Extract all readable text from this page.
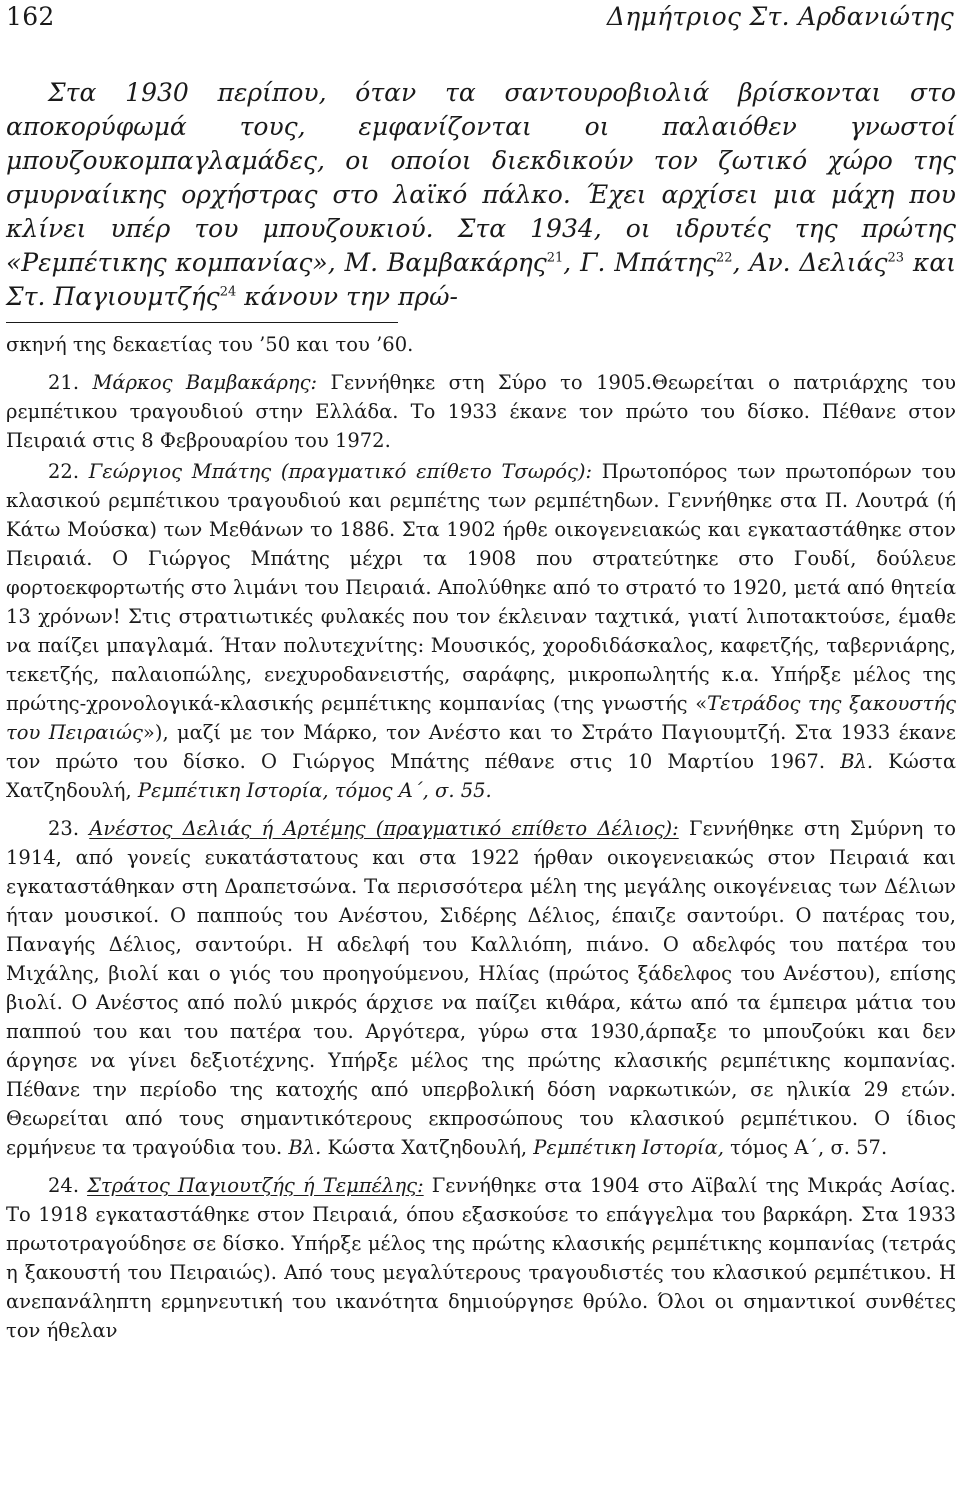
162	Δημήτριος Στ. Αρδανιώτης

Στα 1930 περίπου, όταν τα σαντουροβιολιά βρίσκονται στο αποκορύφωμά τους, εμφανίζονται οι παλαιόθεν γνωστοί μπουζουκομπαγλαμάδες, οι οποίοι διεκδικούν τον ζωτικό χώρο της σμυρναίικης ορχήστρας στο λαϊκό πάλκο. Έχει αρχίσει μια μάχη που κλίνει υπέρ του μπουζουκιού. Στα 1934, οι ιδρυτές της πρώτης «Ρεμπέτικης κομπανίας», Μ. Βαμβακάρης$^{21}$, Γ. Μπάτης$^{22}$, Αν. Δελιάς$^{23}$ και Στ. Παγιουμτζής$^{24}$ κάνουν την πρώ-

σκηνή της δεκαετίας του ’50 και του ’60.

21. Μάρκος Βαμβακάρης: Γεννήθηκε στη Σύρο το 1905.Θεωρείται ο πατριάρχης του ρεμπέτικου τραγουδιού στην Ελλάδα. Το 1933 έκανε τον πρώτο του δίσκο. Πέθανε στον Πειραιά στις 8 Φεβρουαρίου του 1972.

22. Γεώργιος Μπάτης (πραγματικό επίθετο Τσωρός): Πρωτοπόρος των πρωτοπόρων του κλασικού ρεμπέτικου τραγουδιού και ρεμπέτης των ρεμπέτηδων. Γεννήθηκε στα Π. Λουτρά (ή Κάτω Μούσκα) των Μεθάνων το 1886. Στα 1902 ήρθε οικογενειακώς και εγκαταστάθηκε στον Πειραιά. Ο Γιώργος Μπάτης μέχρι τα 1908 που στρατεύτηκε στο Γουδί, δούλευε φορτοεκφορτωτής στο λιμάνι του Πειραιά. Απολύθηκε από το στρατό το 1920, μετά από θητεία 13 χρόνων! Στις στρατιωτικές φυλακές που τον έκλειναν ταχτικά, γιατί λιποτακτούσε, έμαθε να παίζει μπαγλαμά. Ήταν πολυτεχνίτης: Μουσικός, χοροδιδάσκαλος, καφετζής, ταβερνιάρης, τεκετζής, παλαιοπώλης, ενεχυροδανειστής, σαράφης, μικροπωλητής κ.α. Υπήρξε μέλος της πρώτης-χρονολογικά-κλασικής ρεμπέτικης κομπανίας (της γνωστής «Τετράδος της ξακουστής του Πειραιώς»), μαζί με τον Μάρκο, τον Ανέστο και το Στράτο Παγιουμτζή. Στα 1933 έκανε τον πρώτο του δίσκο. Ο Γιώργος Μπάτης πέθανε στις 10 Μαρτίου 1967. Βλ. Κώστα Χατζηδουλή, Ρεμπέτικη Ιστορία, τόμος Α΄, σ. 55.

23. Ανέστος Δελιάς ή Αρτέμης (πραγματικό επίθετο Δέλιος): Γεννήθηκε στη Σμύρνη το 1914, από γονείς ευκατάστατους και στα 1922 ήρθαν οικογενειακώς στον Πειραιά και εγκαταστάθηκαν στη Δραπετσώνα. Τα περισσότερα μέλη της μεγάλης οικογένειας των Δέλιων ήταν μουσικοί. Ο παππούς του Ανέστου, Σιδέρης Δέλιος, έπαιζε σαντούρι. Ο πατέρας του, Παναγής Δέλιος, σαντούρι. Η αδελφή του Καλλιόπη, πιάνο. Ο αδελφός του πατέρα του Μιχάλης, βιολί και ο γιός του προηγούμενου, Ηλίας (πρώτος ξάδελφος του Ανέστου), επίσης βιολί. Ο Ανέστος από πολύ μικρός άρχισε να παίζει κιθάρα, κάτω από τα έμπειρα μάτια του παππού του και του πατέρα του. Αργότερα, γύρω στα 1930,άρπαξε το μπουζούκι και δεν άργησε να γίνει δεξιοτέχνης. Υπήρξε μέλος της πρώτης κλασικής ρεμπέτικης κομπανίας. Πέθανε την περίοδο της κατοχής από υπερβολική δόση ναρκωτικών, σε ηλικία 29 ετών. Θεωρείται από τους σημαντικότερους εκπροσώπους του κλασικού ρεμπέτικου. Ο ίδιος ερμήνευε τα τραγούδια του. Βλ. Κώστα Χατζηδουλή, Ρεμπέτικη Ιστορία, τόμος Α΄, σ. 57.

24. Στράτος Παγιουτζής ή Τεμπέλης: Γεννήθηκε στα 1904 στο Αϊβαλί της Μικράς Ασίας. Το 1918 εγκαταστάθηκε στον Πειραιά, όπου εξασκούσε το επάγγελμα του βαρκάρη. Στα 1933 πρωτοτραγούδησε σε δίσκο. Υπήρξε μέλος της πρώτης κλασικής ρεμπέτικης κομπανίας (τετράς η ξακουστή του Πειραιώς). Από τους μεγαλύτερους τραγουδιστές του κλασικού ρεμπέτικου. Η ανεπανάληπτη ερμηνευτική του ικανότητα δημιούργησε θρύλο. Όλοι οι σημαντικοί συνθέτες τον ήθελαν
